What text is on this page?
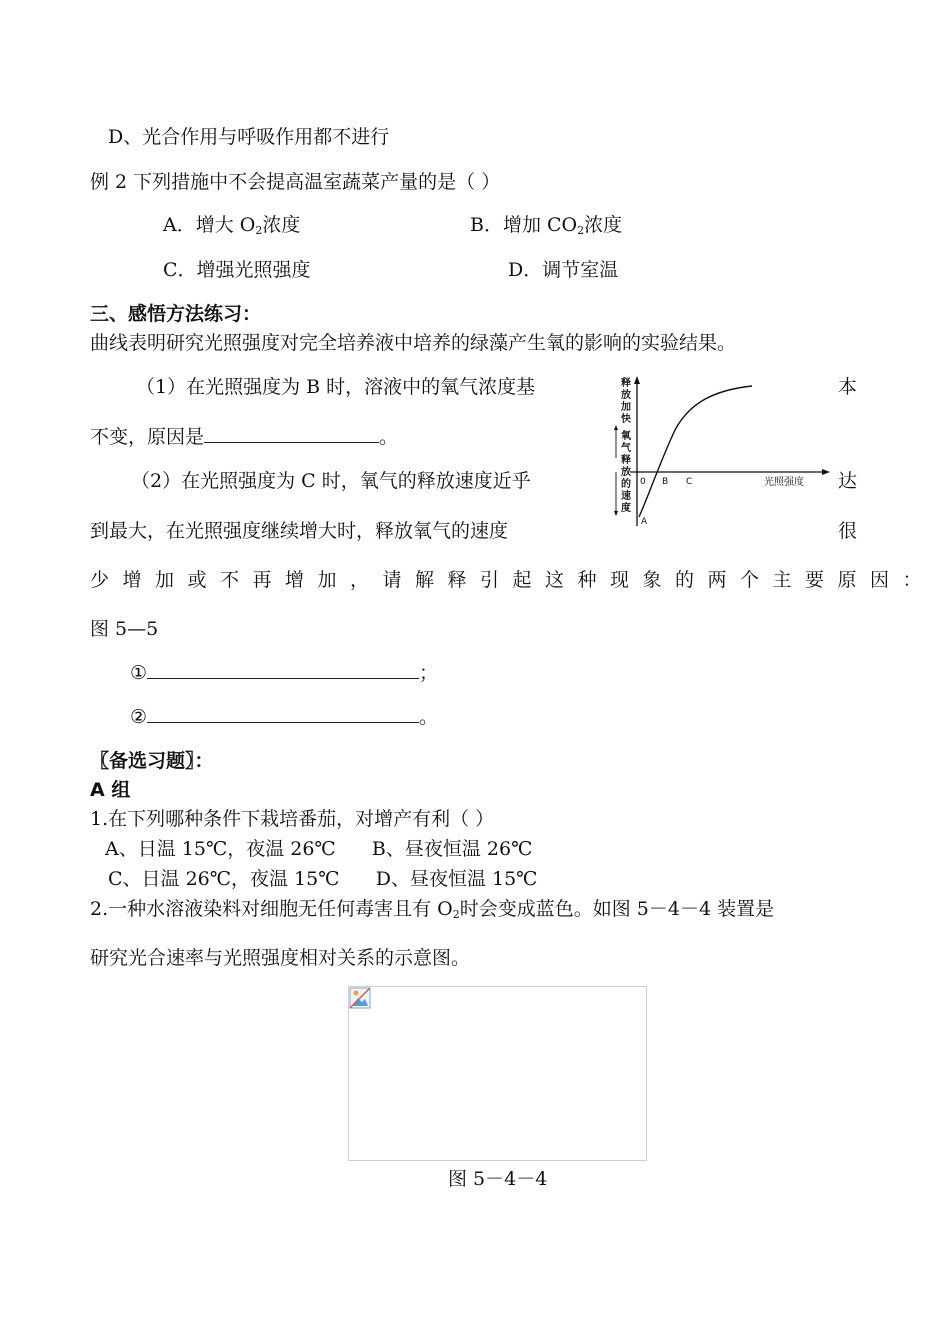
D、光合作用与呼吸作用都不进行
例 2 下列措施中不会提高温室蔬菜产量的是（ ）
A．增大 $O_2$浓度	B．增加 $CO_2$浓度
C．增强光照强度	D．调节室温
三、感悟方法练习：
曲线表明研究光照强度对完全培养液中培养的绿藻产生氧的影响的实验结果。
（1）在光照强度为 B 时，溶液中的氧气浓度基	本
不变，原因是	。
（2）在光照强度为 C 时，氧气的释放速度近乎	达
到最大，在光照强度继续增大时，释放氧气的速度	很
少增加或不再增加，请解释引起这种现象的两个主要原因：
图 5—5
①	；
②	。
〖备选习题〗：
A 组
1.在下列哪种条件下栽培番茄，对增产有利（ ）
A、日温 15℃，夜温 26℃      B、昼夜恒温 26℃
C、日温 26℃，夜温 15℃      D、昼夜恒温 15℃
2.一种水溶液染料对细胞无任何毒害且有 $O_2$时会变成蓝色。如图 5－4－4 装置是
研究光合速率与光照强度相对关系的示意图。
释
放
加
快
氧
气
释
放
的
速
度
0
A
B C	光照强度
图 5－4－4
